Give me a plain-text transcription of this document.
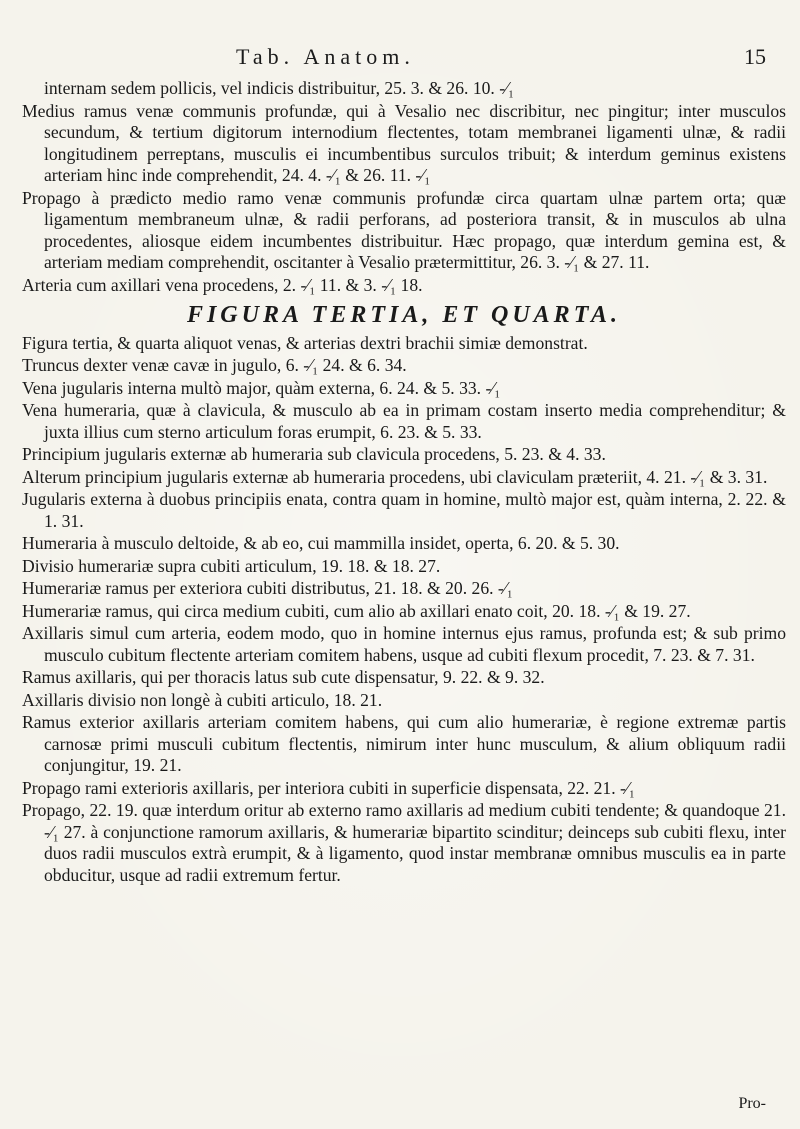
Tab. Anatom.	15

internam sedem pollicis, vel indicis distribuitur, 25. 3. & 26. 10. ‐⁄₁

Medius ramus venæ communis profundæ, qui à Vesalio nec discribitur, nec pingitur; inter musculos secundum, & tertium digitorum internodium flectentes, totam membranei ligamenti ulnæ, & radii longitudinem perreptans, musculis ei incumbentibus surculos tribuit; & interdum geminus existens arteriam hinc inde comprehendit, 24. 4. ‐⁄₁ & 26. 11. ‐⁄₁

Propago à prædicto medio ramo venæ communis profundæ circa quartam ulnæ partem orta; quæ ligamentum membraneum ulnæ, & radii perforans, ad posteriora transit, & in musculos ab ulna procedentes, aliosque eidem incumbentes distribuitur. Hæc propago, quæ interdum gemina est, & arteriam mediam comprehendit, oscitanter à Vesalio prætermittitur, 26. 3. ‐⁄₁ & 27. 11.

Arteria cum axillari vena procedens, 2. ‐⁄₁ 11. & 3. ‐⁄₁ 18.

FIGURA TERTIA, ET QUARTA.

Figura tertia, & quarta aliquot venas, & arterias dextri brachii simiæ demonstrat.

Truncus dexter venæ cavæ in jugulo, 6. ‐⁄₁ 24. & 6. 34.

Vena jugularis interna multò major, quàm externa, 6. 24. & 5. 33. ‐⁄₁

Vena humeraria, quæ à clavicula, & musculo ab ea in primam costam inserto media comprehenditur; & juxta illius cum sterno articulum foras erumpit, 6. 23. & 5. 33.

Principium jugularis externæ ab humeraria sub clavicula procedens, 5. 23. & 4. 33.

Alterum principium jugularis externæ ab humeraria procedens, ubi claviculam præteriit, 4. 21. ‐⁄₁ & 3. 31.

Jugularis externa à duobus principiis enata, contra quam in homine, multò major est, quàm interna, 2. 22. & 1. 31.

Humeraria à musculo deltoide, & ab eo, cui mammilla insidet, operta, 6. 20. & 5. 30.

Divisio humerariæ supra cubiti articulum, 19. 18. & 18. 27.

Humerariæ ramus per exteriora cubiti distributus, 21. 18. & 20. 26. ‐⁄₁

Humerariæ ramus, qui circa medium cubiti, cum alio ab axillari enato coit, 20. 18. ‐⁄₁ & 19. 27.

Axillaris simul cum arteria, eodem modo, quo in homine internus ejus ramus, profunda est; & sub primo musculo cubitum flectente arteriam comitem habens, usque ad cubiti flexum procedit, 7. 23. & 7. 31.

Ramus axillaris, qui per thoracis latus sub cute dispensatur, 9. 22. & 9. 32.

Axillaris divisio non longè à cubiti articulo, 18. 21.

Ramus exterior axillaris arteriam comitem habens, qui cum alio humerariæ, è regione extremæ partis carnosæ primi musculi cubitum flectentis, nimirum inter hunc musculum, & alium obliquum radii conjungitur, 19. 21.

Propago rami exterioris axillaris, per interiora cubiti in superficie dispensata, 22. 21. ‐⁄₁

Propago, 22. 19. quæ interdum oritur ab externo ramo axillaris ad medium cubiti tendente; & quandoque 21. ‐⁄₁ 27. à conjunctione ramorum axillaris, & humerariæ bipartito scinditur; deinceps sub cubiti flexu, inter duos radii musculos extrà erumpit, & à ligamento, quod instar membranæ omnibus musculis ea in parte obducitur, usque ad radii extremum fertur.

Pro-
